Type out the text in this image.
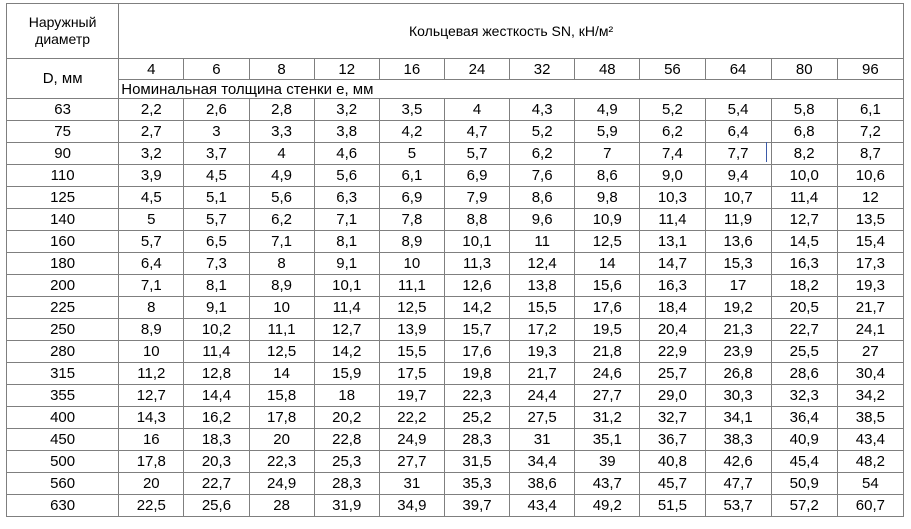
Наружный
диаметр	Кольцевая жесткость SN, кН/м²											
D, мм	4	6	8	12	16	24	32	48	56	64	80	96
	Номинальная толщина стенки e, мм											
63	2,2	2,6	2,8	3,2	3,5	4	4,3	4,9	5,2	5,4	5,8	6,1
75	2,7	3	3,3	3,8	4,2	4,7	5,2	5,9	6,2	6,4	6,8	7,2
90	3,2	3,7	4	4,6	5	5,7	6,2	7	7,4	7,7	8,2	8,7
110	3,9	4,5	4,9	5,6	6,1	6,9	7,6	8,6	9,0	9,4	10,0	10,6
125	4,5	5,1	5,6	6,3	6,9	7,9	8,6	9,8	10,3	10,7	11,4	12
140	5	5,7	6,2	7,1	7,8	8,8	9,6	10,9	11,4	11,9	12,7	13,5
160	5,7	6,5	7,1	8,1	8,9	10,1	11	12,5	13,1	13,6	14,5	15,4
180	6,4	7,3	8	9,1	10	11,3	12,4	14	14,7	15,3	16,3	17,3
200	7,1	8,1	8,9	10,1	11,1	12,6	13,8	15,6	16,3	17	18,2	19,3
225	8	9,1	10	11,4	12,5	14,2	15,5	17,6	18,4	19,2	20,5	21,7
250	8,9	10,2	11,1	12,7	13,9	15,7	17,2	19,5	20,4	21,3	22,7	24,1
280	10	11,4	12,5	14,2	15,5	17,6	19,3	21,8	22,9	23,9	25,5	27
315	11,2	12,8	14	15,9	17,5	19,8	21,7	24,6	25,7	26,8	28,6	30,4
355	12,7	14,4	15,8	18	19,7	22,3	24,4	27,7	29,0	30,3	32,3	34,2
400	14,3	16,2	17,8	20,2	22,2	25,2	27,5	31,2	32,7	34,1	36,4	38,5
450	16	18,3	20	22,8	24,9	28,3	31	35,1	36,7	38,3	40,9	43,4
500	17,8	20,3	22,3	25,3	27,7	31,5	34,4	39	40,8	42,6	45,4	48,2
560	20	22,7	24,9	28,3	31	35,3	38,6	43,7	45,7	47,7	50,9	54
630	22,5	25,6	28	31,9	34,9	39,7	43,4	49,2	51,5	53,7	57,2	60,7
